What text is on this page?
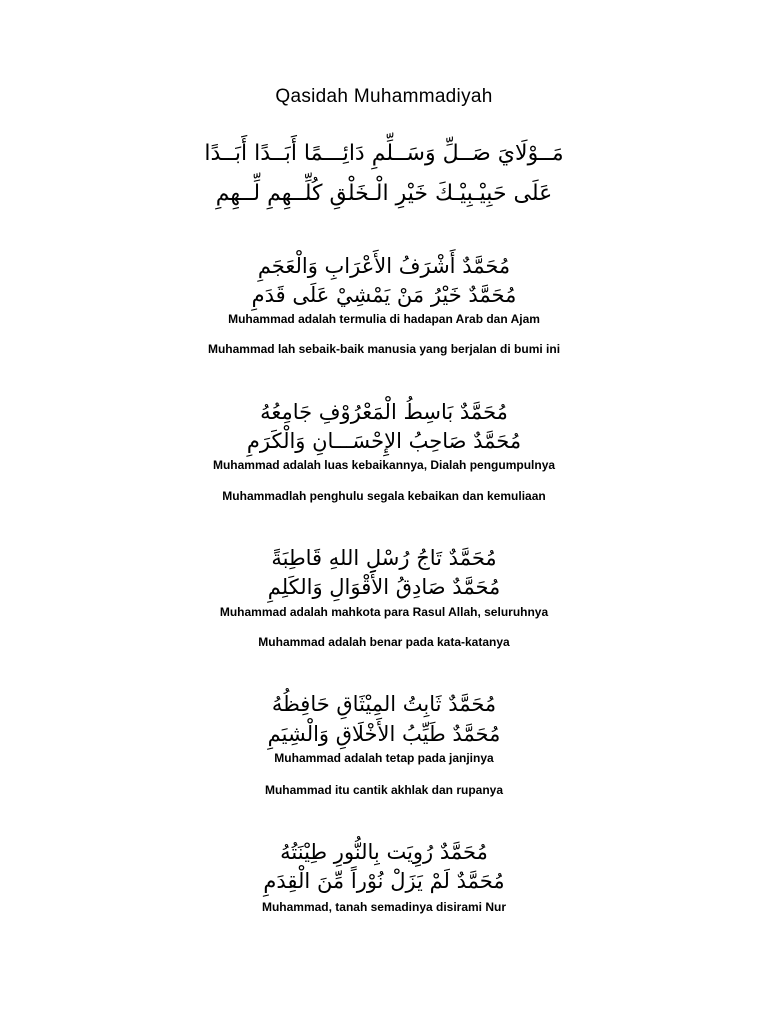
Qasidah Muhammadiyah
مَــوْلَايَ صَــلِّ وَسَــلِّمِ دَائِـــمًا أَبَــدًا أَبَــدًا
عَلَى حَبِيْـبِيْـكَ خَيْرِ الْـخَلْقِ كُلِّــهِمِ لِّــهِمِ
مُحَمَّدٌ أَشْرَفُ الأَعْرَابِ وَالْعَجَمِ
مُحَمَّدٌ خَيْرُ مَنْ يَمْشِيْ عَلَى قَدَمِ
Muhammad adalah termulia di hadapan Arab dan Ajam
Muhammad lah sebaik-baik manusia yang berjalan di bumi ini
مُحَمَّدٌ بَاسِطُ الْمَعْرُوْفِ جَامِعُهُ
مُحَمَّدٌ صَاحِبُ الإِحْسَـــانِ وَالْكَرَمِ
Muhammad adalah luas kebaikannya, Dialah pengumpulnya
Muhammadlah penghulu segala kebaikan dan kemuliaan
مُحَمَّدٌ تَاجُ رُسْلِ اللهِ قَاطِبَةً
مُحَمَّدٌ صَادِقُ الأَقْوَالِ وَالكَلِمِ
Muhammad adalah mahkota para Rasul Allah, seluruhnya
Muhammad adalah benar pada kata-katanya
مُحَمَّدٌ ثَابِتُ المِيْثَاقِ حَافِظُهُ
مُحَمَّدٌ طَيِّبُ الأَخْلَاقِ وَالْشِيَمِ
Muhammad adalah tetap pada janjinya
Muhammad itu cantik akhlak dan rupanya
مُحَمَّدٌ رُوِيَت بِالنُّورِ طِيْنَتُهُ
مُحَمَّدٌ لَمْ يَزَلْ نُوْراً مِّنَ الْقِدَمِ
Muhammad, tanah semadinya disirami Nur
